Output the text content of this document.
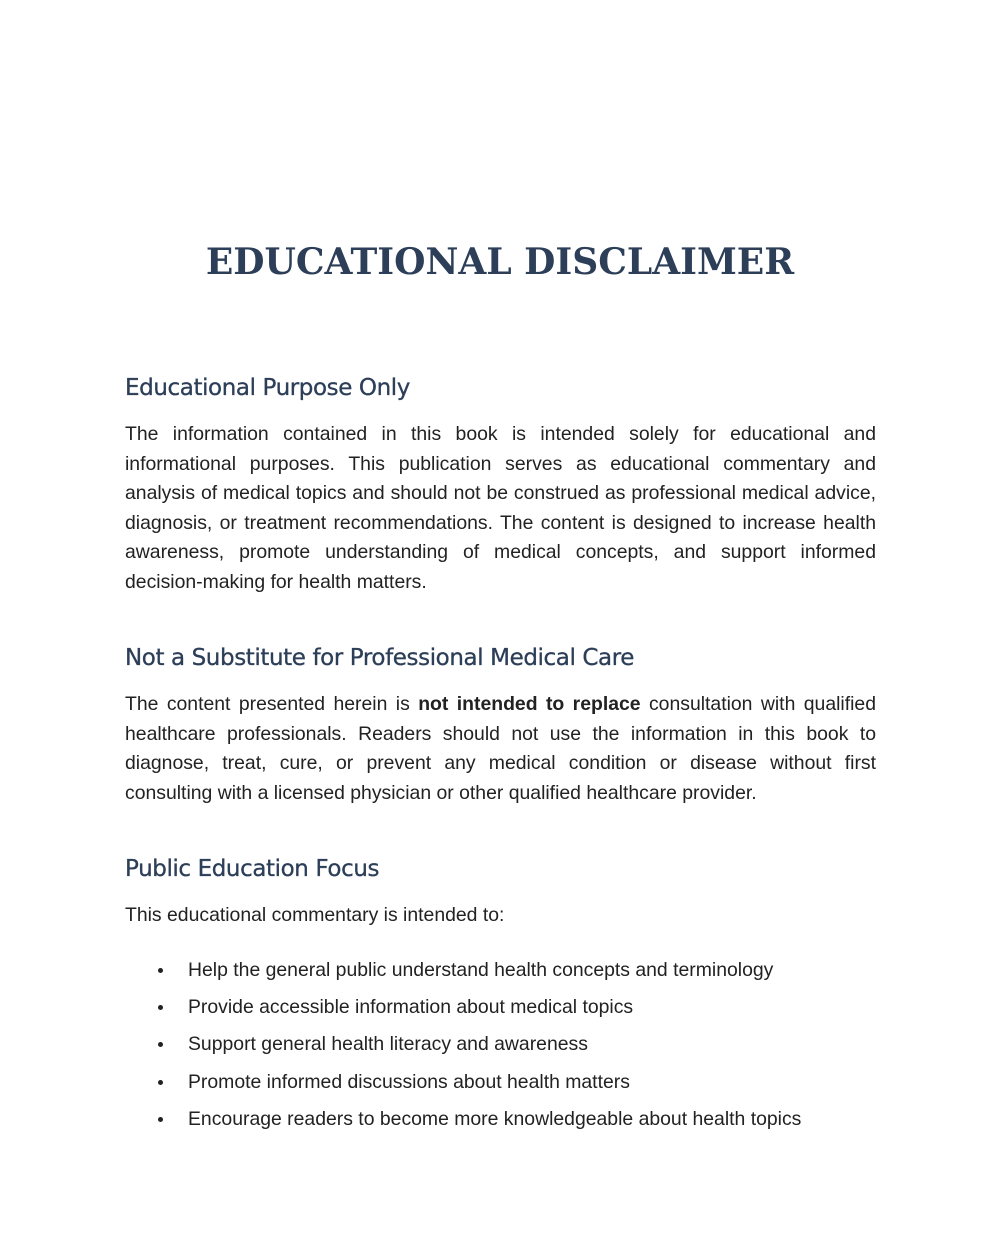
EDUCATIONAL DISCLAIMER
Educational Purpose Only

The information contained in this book is intended solely for educational and informational purposes. This publication serves as educational commentary and analysis of medical topics and should not be construed as professional medical advice, diagnosis, or treatment recommendations. The content is designed to increase health awareness, promote understanding of medical concepts, and support informed decision-making for health matters.

Not a Substitute for Professional Medical Care

The content presented herein is not intended to replace consultation with qualified healthcare professionals. Readers should not use the information in this book to diagnose, treat, cure, or prevent any medical condition or disease without first consulting with a licensed physician or other qualified healthcare provider.

Public Education Focus

This educational commentary is intended to:

Help the general public understand health concepts and terminology
Provide accessible information about medical topics
Support general health literacy and awareness
Promote informed discussions about health matters
Encourage readers to become more knowledgeable about health topics
